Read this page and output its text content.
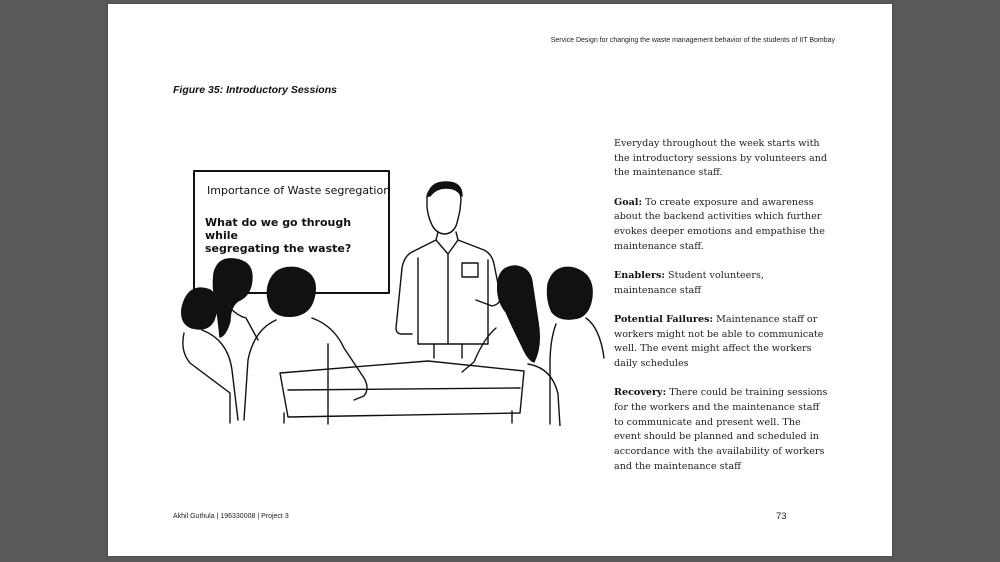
Service Design for changing the waste management behavior of the students of IIT Bombay
Figure 35: Introductory Sessions
Importance of Waste segregation
What do we go through while
segregating the waste?

Everyday throughout the week starts with the introductory sessions by volunteers and the maintenance staff.

Goal: To create exposure and awareness about the backend activities which further evokes deeper emotions and empathise the maintenance staff.

Enablers: Student volunteers, maintenance staff

Potential Failures: Maintenance staff or workers might not be able to communicate well. The event might affect the workers daily schedules

Recovery: There could be training sessions for the workers and the maintenance staff to communicate and present well. The event should be planned and scheduled in accordance with the availability of workers and the maintenance staff

Akhil Guthula | 196330008 | Project 3	73
